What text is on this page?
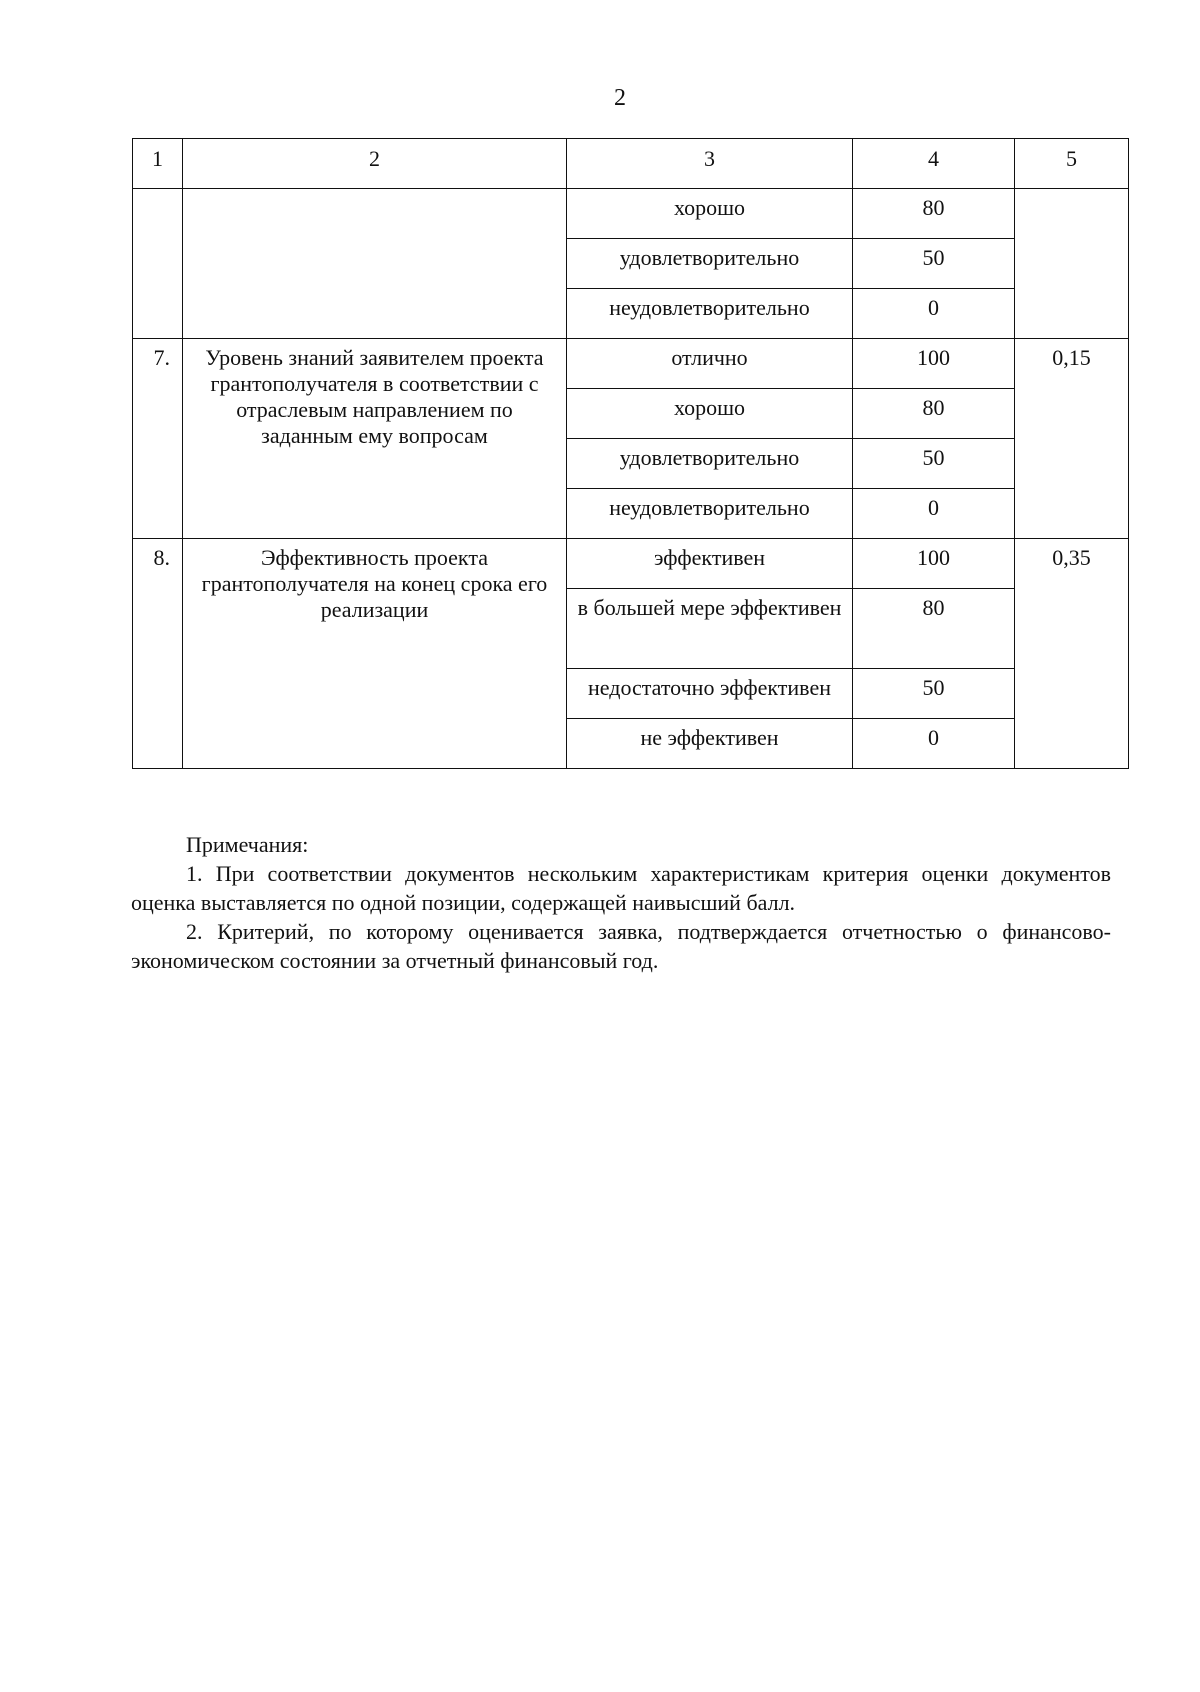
2
1	2	3	4	5
		хорошо	80	
		удовлетворительно	50	
		неудовлетворительно	0	
7.	Уровень знаний заявителем проекта грантополучателя в соответствии с отраслевым направлением по заданным ему вопросам	отлично	100	0,15
		хорошо	80	
		удовлетворительно	50	
		неудовлетворительно	0	
8.	Эффективность проекта грантополучателя на конец срока его реализации	эффективен	100	0,35
		в большей мере эффективен	80	
		недостаточно эффективен	50	
		не эффективен	0	
Примечания:

1. При соответствии документов нескольким характеристикам критерия оценки документов оценка выставляется по одной позиции, содержащей наивысший балл.

2. Критерий, по которому оценивается заявка, подтверждается отчетностью о финансово-экономическом состоянии за отчетный финансовый год.
